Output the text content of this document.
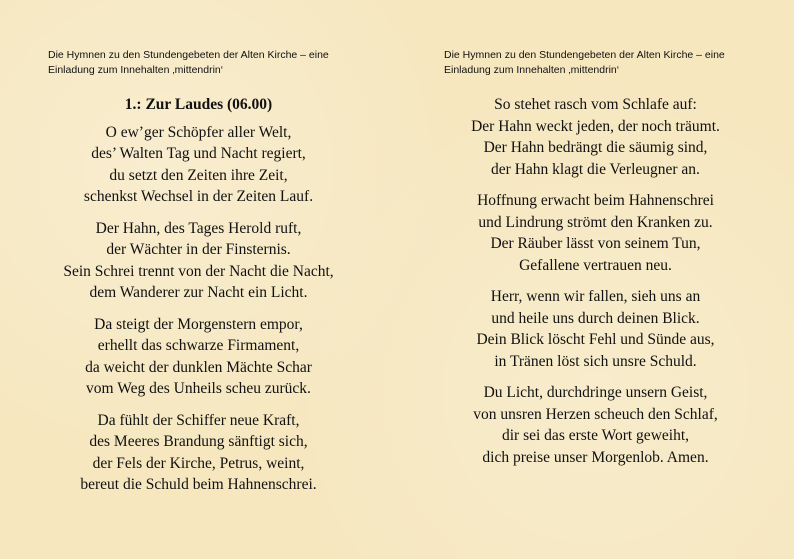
Die Hymnen zu den Stundengebeten der Alten Kirche – eine
Einladung zum Innehalten ‚mittendrin‘
1.: Zur Laudes (06.00)
O ew’ger Schöpfer aller Welt,
des’ Walten Tag und Nacht regiert,
du setzt den Zeiten ihre Zeit,
schenkst Wechsel in der Zeiten Lauf.
Der Hahn, des Tages Herold ruft,
der Wächter in der Finsternis.
Sein Schrei trennt von der Nacht die Nacht,
dem Wanderer zur Nacht ein Licht.
Da steigt der Morgenstern empor,
erhellt das schwarze Firmament,
da weicht der dunklen Mächte Schar
vom Weg des Unheils scheu zurück.
Da fühlt der Schiffer neue Kraft,
des Meeres Brandung sänftigt sich,
der Fels der Kirche, Petrus, weint,
bereut die Schuld beim Hahnenschrei.
Die Hymnen zu den Stundengebeten der Alten Kirche – eine
Einladung zum Innehalten ‚mittendrin‘
So stehet rasch vom Schlafe auf:
Der Hahn weckt jeden, der noch träumt.
Der Hahn bedrängt die säumig sind,
der Hahn klagt die Verleugner an.
Hoffnung erwacht beim Hahnenschrei
und Lindrung strömt den Kranken zu.
Der Räuber lässt von seinem Tun,
Gefallene vertrauen neu.
Herr, wenn wir fallen, sieh uns an
und heile uns durch deinen Blick.
Dein Blick löscht Fehl und Sünde aus,
in Tränen löst sich unsre Schuld.
Du Licht, durchdringe unsern Geist,
von unsren Herzen scheuch den Schlaf,
dir sei das erste Wort geweiht,
dich preise unser Morgenlob. Amen.
